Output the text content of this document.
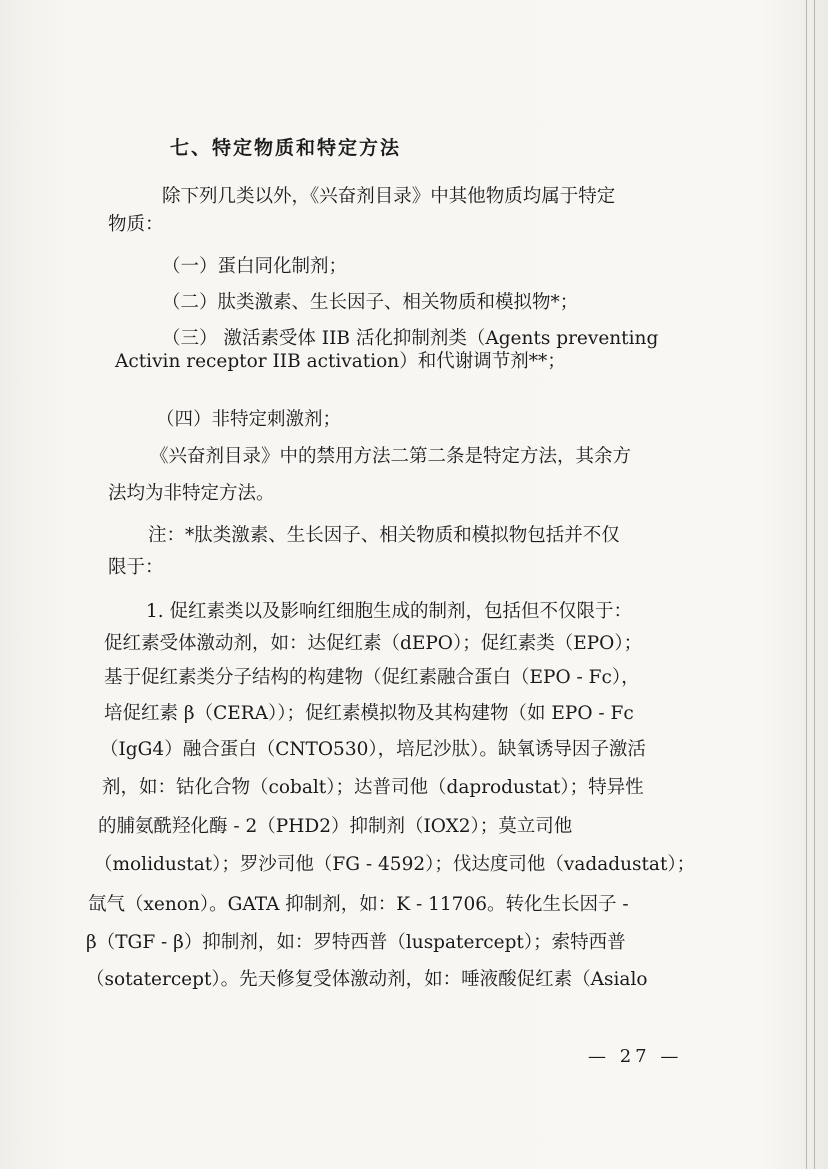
七、特定物质和特定方法
除下列几类以外，《兴奋剂目录》中其他物质均属于特定
物质：
（一）蛋白同化制剂；
（二）肽类激素、生长因子、相关物质和模拟物*；
（三） 激活素受体 IIB 活化抑制剂类（Agents preventing
Activin receptor IIB activation）和代谢调节剂**；
（四）非特定刺激剂；
《兴奋剂目录》中的禁用方法二第二条是特定方法，其余方
法均为非特定方法。
注：*肽类激素、生长因子、相关物质和模拟物包括并不仅
限于：
1. 促红素类以及影响红细胞生成的制剂，包括但不仅限于：
促红素受体激动剂，如：达促红素（dEPO）；促红素类（EPO）；
基于促红素类分子结构的构建物（促红素融合蛋白（EPO - Fc），
培促红素 β（CERA））；促红素模拟物及其构建物（如 EPO - Fc
（IgG4）融合蛋白（CNTO530），培尼沙肽）。缺氧诱导因子激活
剂，如：钴化合物（cobalt）；达普司他（daprodustat）；特异性
的脯氨酰羟化酶 - 2（PHD2）抑制剂（IOX2）；莫立司他
（molidustat）；罗沙司他（FG - 4592）；伐达度司他（vadadustat）；
氙气（xenon）。GATA 抑制剂，如：K - 11706。转化生长因子 -
β（TGF - β）抑制剂，如：罗特西普（luspatercept）；索特西普
（sotatercept）。先天修复受体激动剂，如：唾液酸促红素（Asialo
— 27 —
